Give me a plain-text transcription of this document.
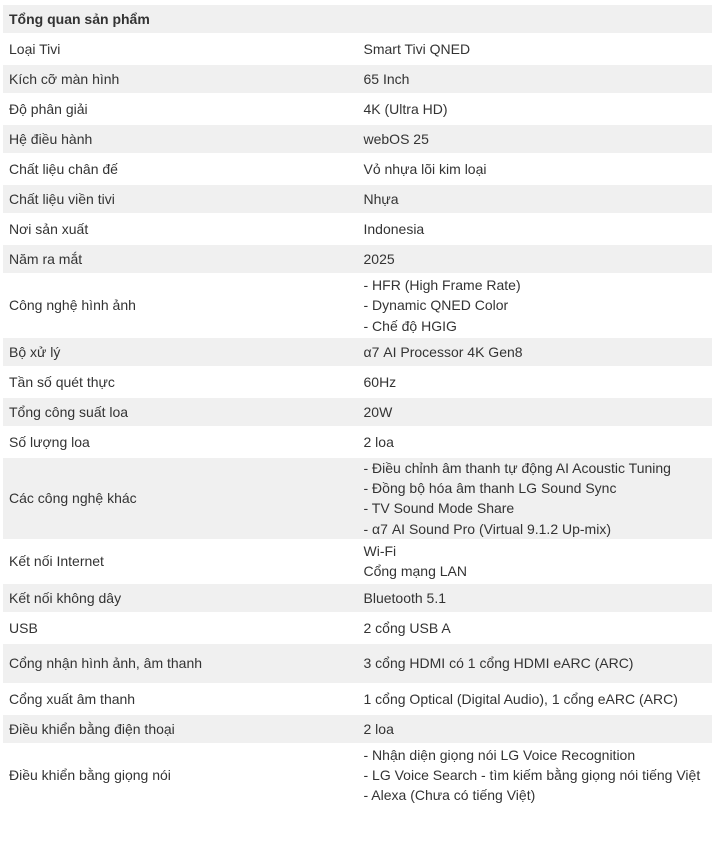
Tổng quan sản phẩm	
Loại Tivi	Smart Tivi QNED

Kích cỡ màn hình	65 Inch

Độ phân giải	4K (Ultra HD)

Hệ điều hành	webOS 25

Chất liệu chân đế	Vỏ nhựa lõi kim loại

Chất liệu viền tivi	Nhựa

Nơi sản xuất	Indonesia

Năm ra mắt	2025

Công nghệ hình ảnh	- HFR (High Frame Rate)
- Dynamic QNED Color
- Chế độ HGIG

Bộ xử lý	α7 AI Processor 4K Gen8

Tần số quét thực	60Hz

Tổng công suất loa	20W

Số lượng loa	2 loa

Các công nghệ khác	- Điều chỉnh âm thanh tự động AI Acoustic Tuning
- Đồng bộ hóa âm thanh LG Sound Sync
- TV Sound Mode Share
- α7 AI Sound Pro (Virtual 9.1.2 Up-mix)

Kết nối Internet	Wi-Fi
Cổng mạng LAN

Kết nối không dây	Bluetooth 5.1

USB	2 cổng USB A

Cổng nhận hình ảnh, âm thanh	3 cổng HDMI có 1 cổng HDMI eARC (ARC)

Cổng xuất âm thanh	1 cổng Optical (Digital Audio), 1 cổng eARC (ARC)

Điều khiển bằng điện thoại	2 loa

Điều khiển bằng giọng nói	- Nhận diện giọng nói LG Voice Recognition
- LG Voice Search - tìm kiếm bằng giọng nói tiếng Việt
- Alexa (Chưa có tiếng Việt)
